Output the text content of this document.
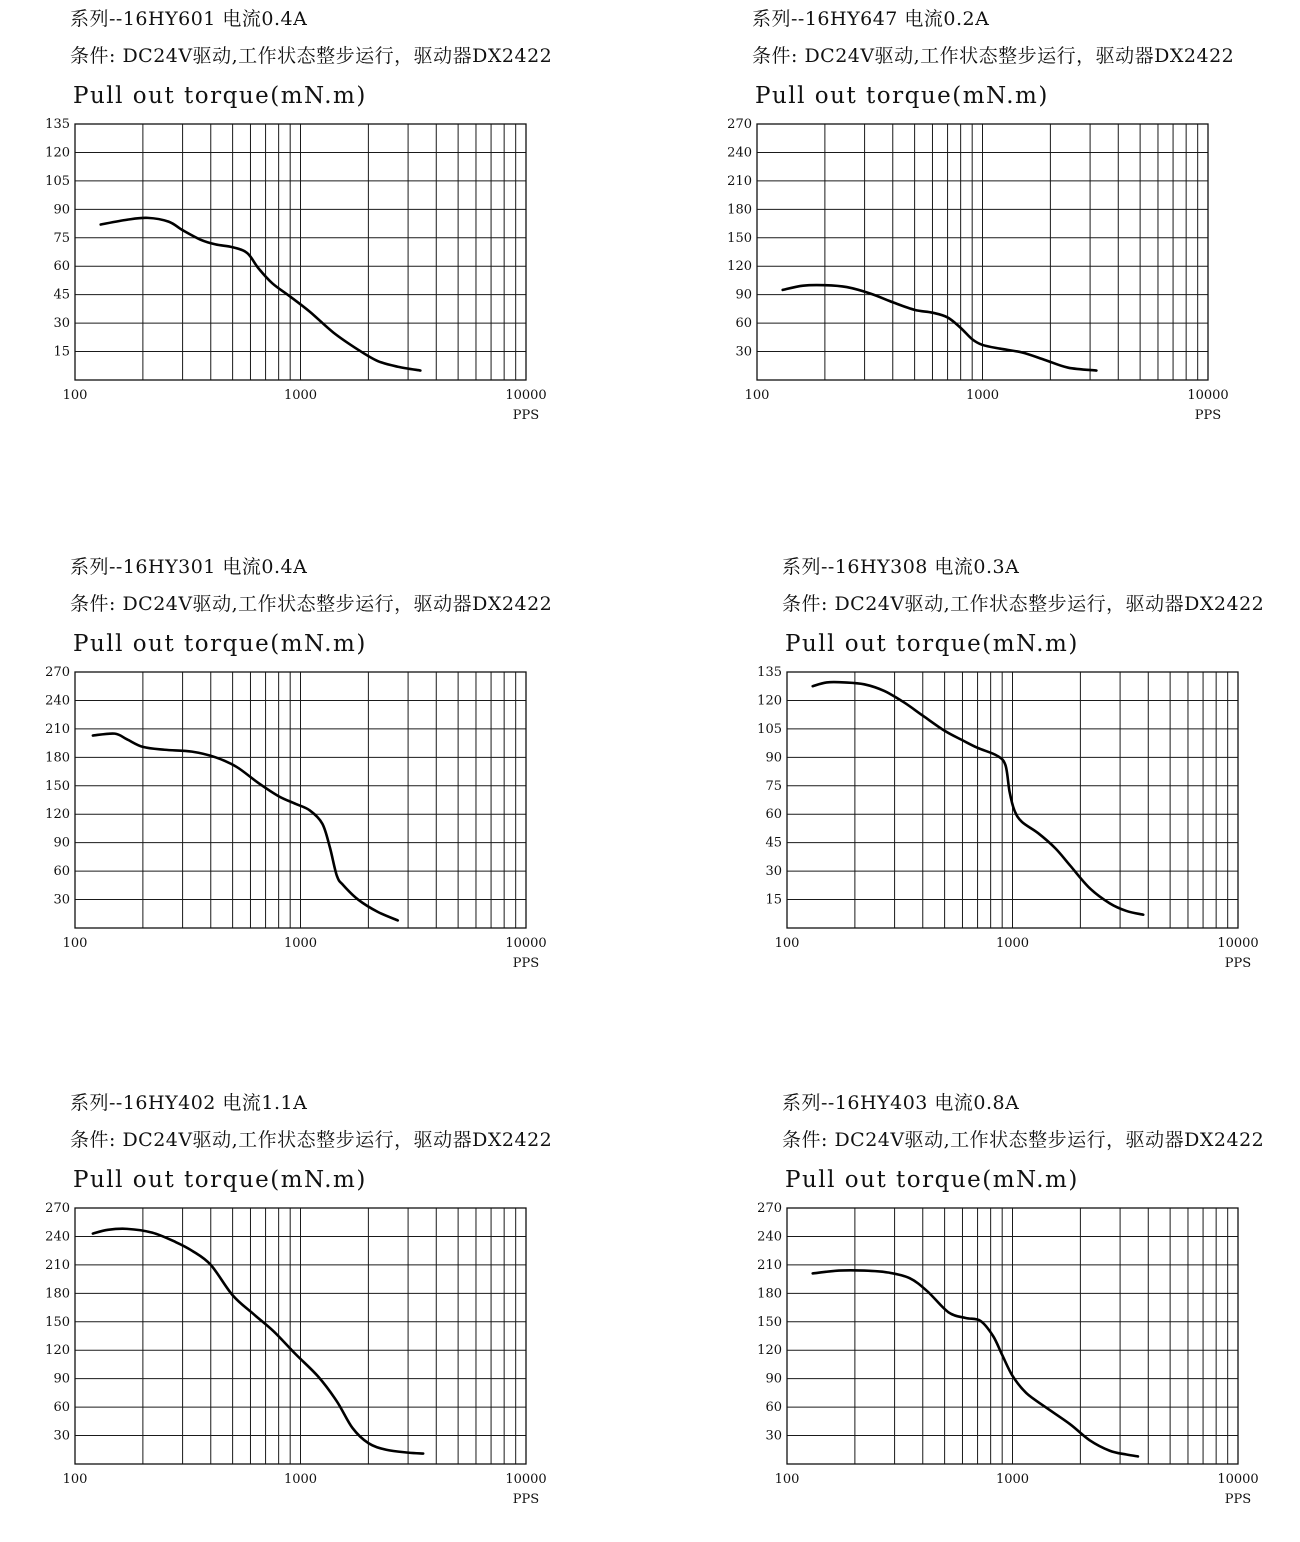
系列--16HY601 电流0.4A
条件: DC24V驱动,工作状态整步运行，驱动器DX2422
Pull out torque(mN.m)
15
30
45
60
75
90
105
120
135
100	1000	10000
PPS
系列--16HY647 电流0.2A
条件: DC24V驱动,工作状态整步运行，驱动器DX2422
Pull out torque(mN.m)
30
60
90
120
150
180
210
240
270
100	1000	10000
PPS
系列--16HY301 电流0.4A
条件: DC24V驱动,工作状态整步运行，驱动器DX2422
Pull out torque(mN.m)
30
60
90
120
150
180
210
240
270
100	1000	10000
PPS
系列--16HY308 电流0.3A
条件: DC24V驱动,工作状态整步运行，驱动器DX2422
Pull out torque(mN.m)
15
30
45
60
75
90
105
120
135
100	1000	10000
PPS
系列--16HY402 电流1.1A
条件: DC24V驱动,工作状态整步运行，驱动器DX2422
Pull out torque(mN.m)
30
60
90
120
150
180
210
240
270
100	1000	10000
PPS
系列--16HY403 电流0.8A
条件: DC24V驱动,工作状态整步运行，驱动器DX2422
Pull out torque(mN.m)
30
60
90
120
150
180
210
240
270
100	1000	10000
PPS
